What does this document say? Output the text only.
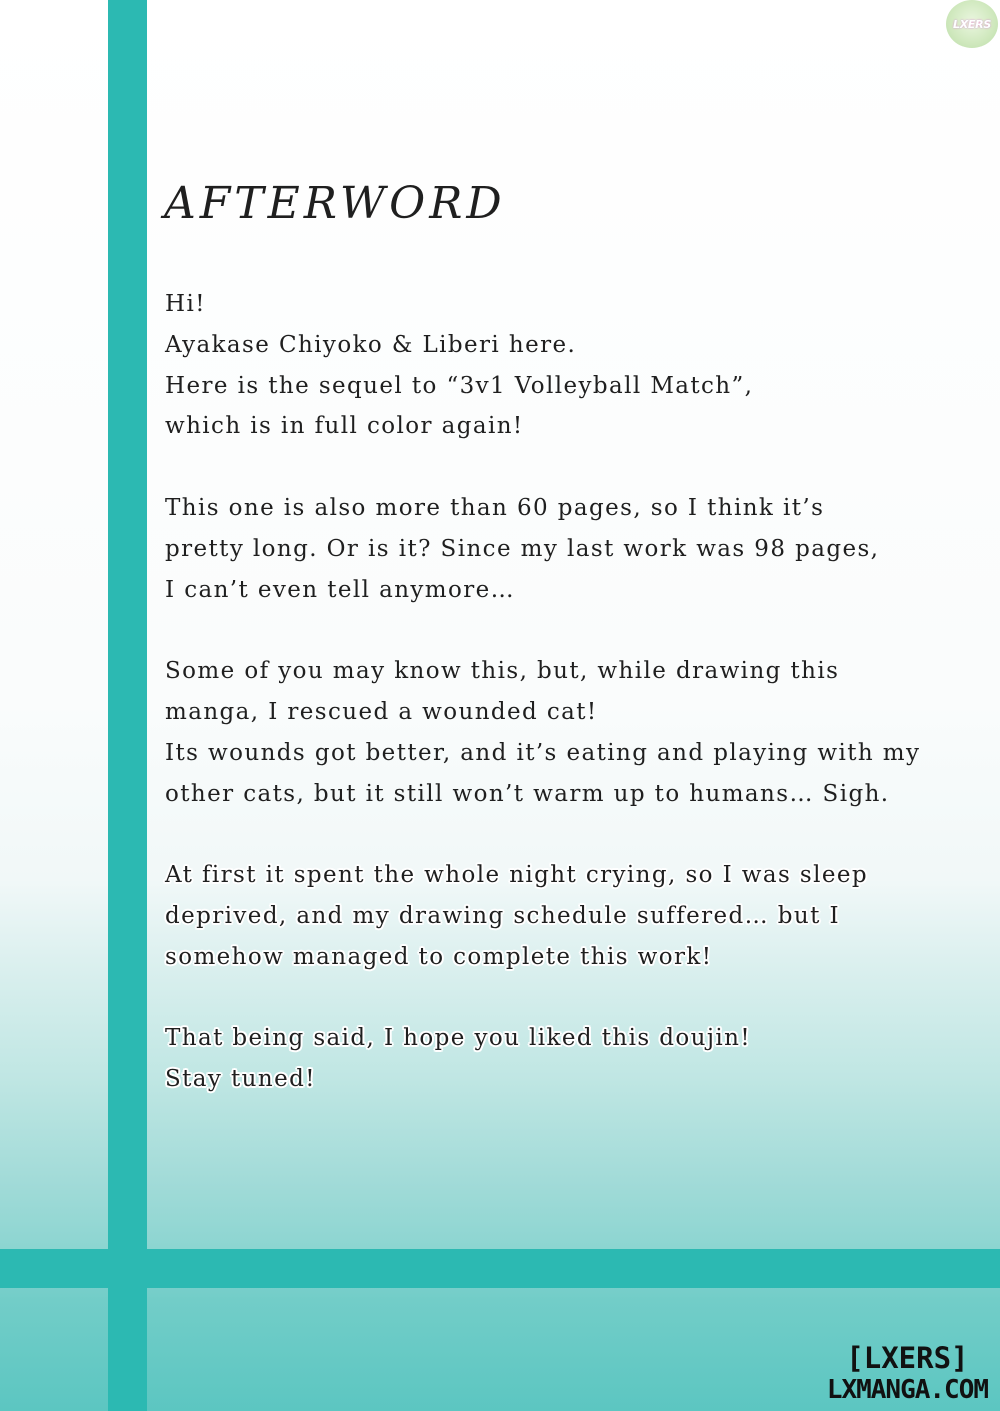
LXERS
AFTERWORD
Hi!
Ayakase Chiyoko & Liberi here.
Here is the sequel to “3v1 Volleyball Match”,
which is in full color again!
This one is also more than 60 pages, so I think it’s
pretty long. Or is it? Since my last work was 98 pages,
I can’t even tell anymore…
Some of you may know this, but, while drawing this
manga, I rescued a wounded cat!
Its wounds got better, and it’s eating and playing with my
other cats, but it still won’t warm up to humans… Sigh.
At first it spent the whole night crying, so I was sleep
deprived, and my drawing schedule suffered… but I
somehow managed to complete this work!
That being said, I hope you liked this doujin!
Stay tuned!
[LXERS]
LXMANGA.COM
